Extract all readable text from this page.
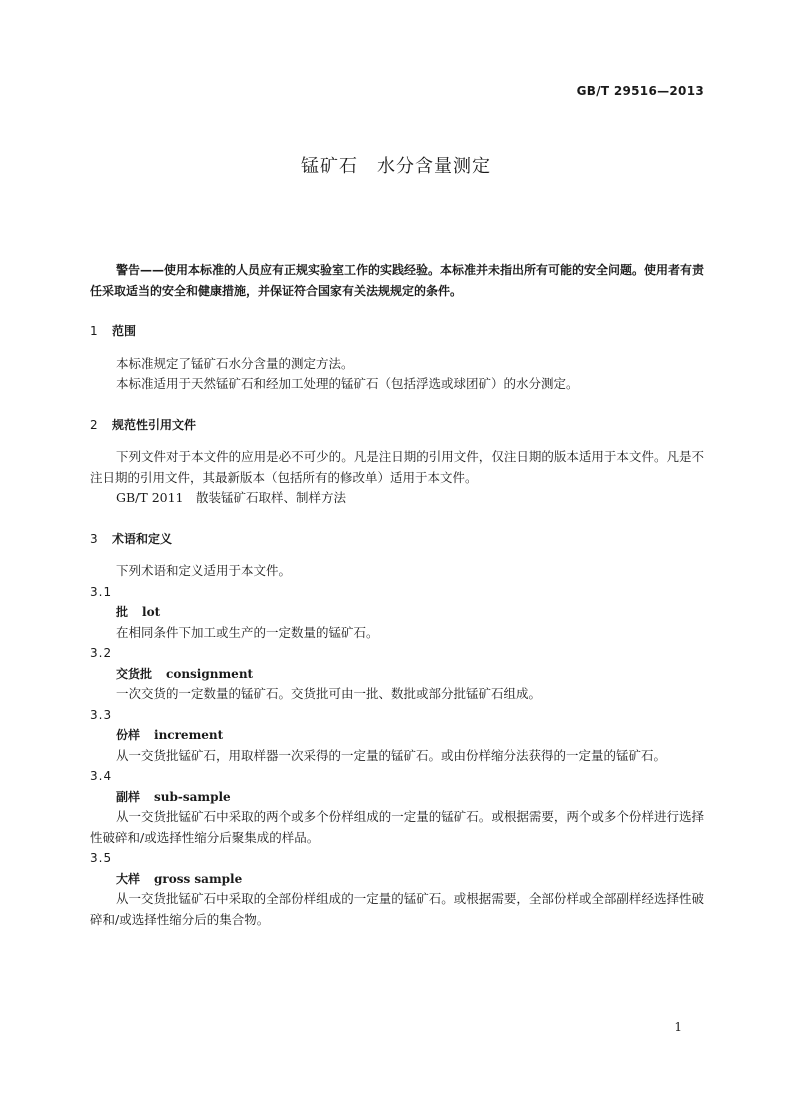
GB/T 29516—2013
锰矿石　水分含量测定

警告——使用本标准的人员应有正规实验室工作的实践经验。本标准并未指出所有可能的安全问题。使用者有责任采取适当的安全和健康措施，并保证符合国家有关法规规定的条件。

1 范围

本标准规定了锰矿石水分含量的测定方法。

本标准适用于天然锰矿石和经加工处理的锰矿石（包括浮选或球团矿）的水分测定。

2 规范性引用文件

下列文件对于本文件的应用是必不可少的。凡是注日期的引用文件，仅注日期的版本适用于本文件。凡是不注日期的引用文件，其最新版本（包括所有的修改单）适用于本文件。

GB/T 2011　散装锰矿石取样、制样方法

3 术语和定义

下列术语和定义适用于本文件。

3.1

批 lot

在相同条件下加工或生产的一定数量的锰矿石。

3.2

交货批 consignment

一次交货的一定数量的锰矿石。交货批可由一批、数批或部分批锰矿石组成。

3.3

份样 increment

从一交货批锰矿石，用取样器一次采得的一定量的锰矿石。或由份样缩分法获得的一定量的锰矿石。

3.4

副样 sub-sample

从一交货批锰矿石中采取的两个或多个份样组成的一定量的锰矿石。或根据需要，两个或多个份样进行选择性破碎和/或选择性缩分后聚集成的样品。

3.5

大样 gross sample

从一交货批锰矿石中采取的全部份样组成的一定量的锰矿石。或根据需要，全部份样或全部副样经选择性破碎和/或选择性缩分后的集合物。

1
